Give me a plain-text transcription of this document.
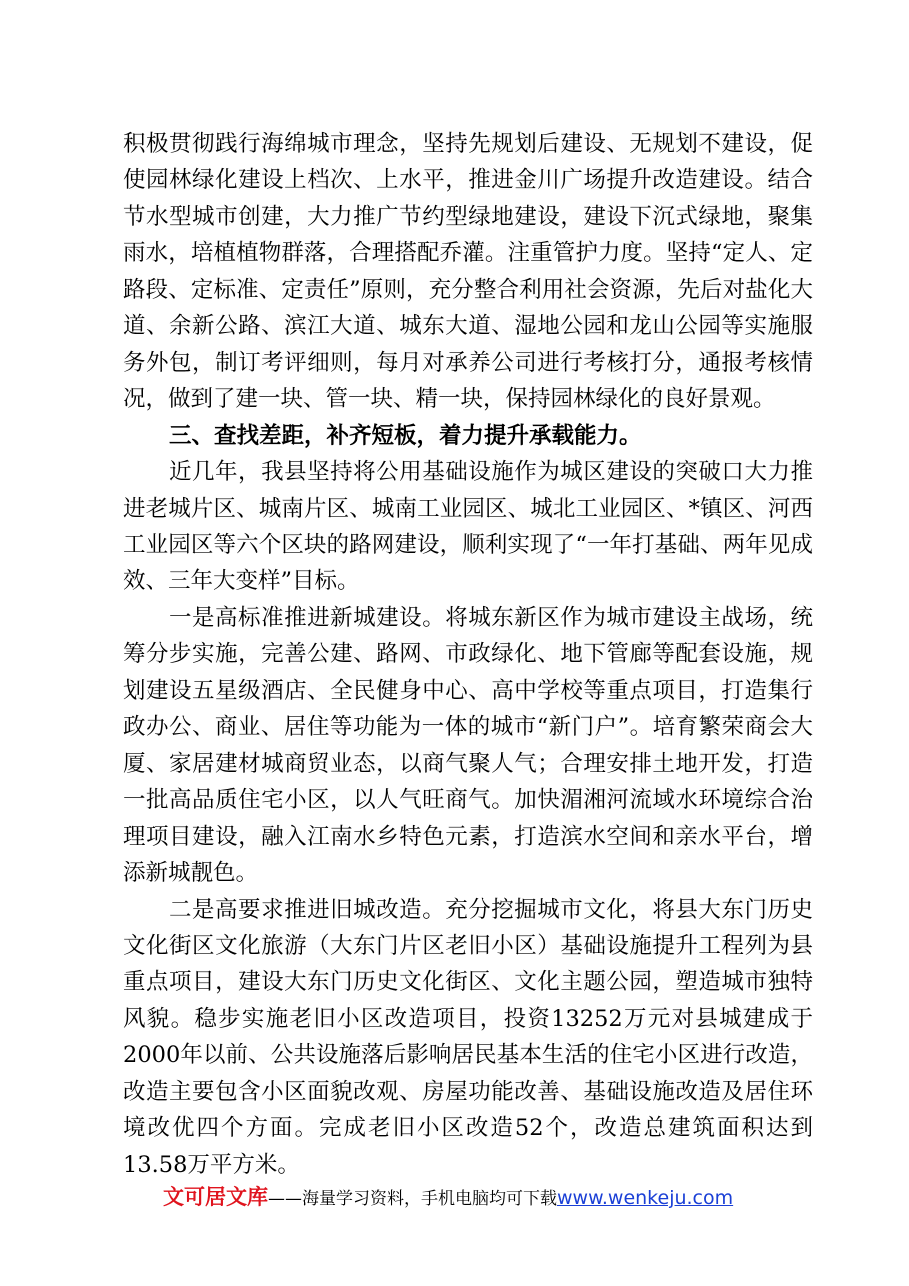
积极贯彻践行海绵城市理念，坚持先规划后建设、无规划不建设，促使园林绿化建设上档次、上水平，推进金川广场提升改造建设。结合节水型城市创建，大力推广节约型绿地建设，建设下沉式绿地，聚集雨水，培植植物群落，合理搭配乔灌。注重管护力度。坚持“定人、定路段、定标准、定责任”原则，充分整合利用社会资源，先后对盐化大道、余新公路、滨江大道、城东大道、湿地公园和龙山公园等实施服务外包，制订考评细则，每月对承养公司进行考核打分，通报考核情况，做到了建一块、管一块、精一块，保持园林绿化的良好景观。

三、查找差距，补齐短板，着力提升承载能力。

近几年，我县坚持将公用基础设施作为城区建设的突破口大力推进老城片区、城南片区、城南工业园区、城北工业园区、*镇区、河西工业园区等六个区块的路网建设，顺利实现了“一年打基础、两年见成效、三年大变样”目标。

一是高标准推进新城建设。将城东新区作为城市建设主战场，统筹分步实施，完善公建、路网、市政绿化、地下管廊等配套设施，规划建设五星级酒店、全民健身中心、高中学校等重点项目，打造集行政办公、商业、居住等功能为一体的城市“新门户”。培育繁荣商会大厦、家居建材城商贸业态，以商气聚人气；合理安排土地开发，打造一批高品质住宅小区，以人气旺商气。加快湄湘河流域水环境综合治理项目建设，融入江南水乡特色元素，打造滨水空间和亲水平台，增添新城靓色。

二是高要求推进旧城改造。充分挖掘城市文化，将县大东门历史文化街区文化旅游（大东门片区老旧小区）基础设施提升工程列为县重点项目，建设大东门历史文化街区、文化主题公园，塑造城市独特风貌。稳步实施老旧小区改造项目，投资13252万元对县城建成于2000年以前、公共设施落后影响居民基本生活的住宅小区进行改造，改造主要包含小区面貌改观、房屋功能改善、基础设施改造及居住环境改优四个方面。完成老旧小区改造52个，改造总建筑面积达到13.58万平方米。

文可居文库——海量学习资料，手机电脑均可下载www.wenkeju.com
